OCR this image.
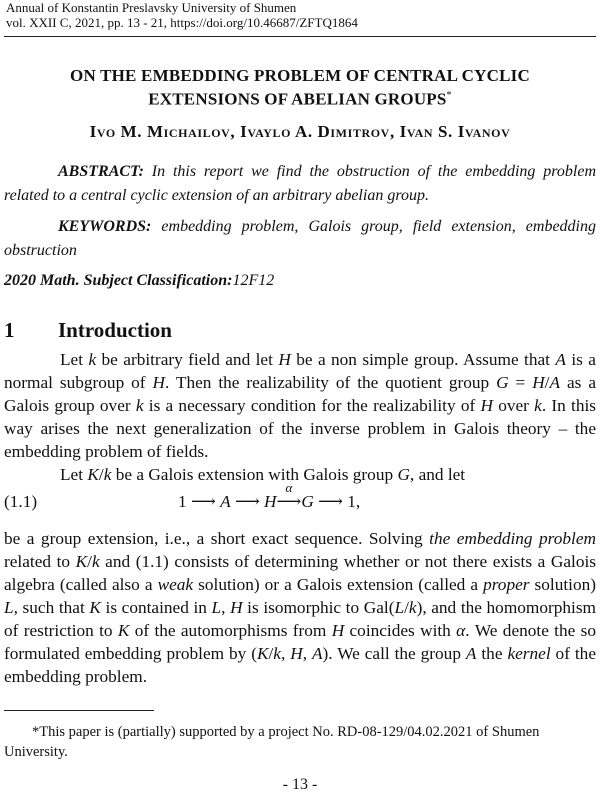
Annual of Konstantin Preslavsky University of Shumen
vol. XXII C, 2021, pp. 13 - 21, https://doi.org/10.46687/ZFTQ1864
ON THE EMBEDDING PROBLEM OF CENTRAL CYCLIC
EXTENSIONS OF ABELIAN GROUPS*
Ivo M. Michailov, Ivaylo A. Dimitrov, Ivan S. Ivanov
ABSTRACT: In this report we find the obstruction of the embedding problem related to a central cyclic extension of an arbitrary abelian group.
KEYWORDS: embedding problem, Galois group, field extension, embedding obstruction
2020 Math. Subject Classification:12F12
1 Introduction
Let k be arbitrary field and let H be a non simple group. Assume that A is a normal subgroup of H. Then the realizability of the quotient group G = H/A as a Galois group over k is a necessary condition for the realizability of H over k. In this way arises the next generalization of the inverse problem in Galois theory – the embedding problem of fields.
Let K/k be a Galois extension with Galois group G, and let
(1.1)	1 ⟶ A ⟶ H⟶
α
G ⟶ 1,
be a group extension, i.e., a short exact sequence. Solving the embedding problem related to K/k and (1.1) consists of determining whether or not there exists a Galois algebra (called also a weak solution) or a Galois extension (called a proper solution) L, such that K is contained in L, H is isomorphic to Gal(L/k), and the homomorphism of restriction to K of the automorphisms from H coincides with α. We denote the so formulated embedding problem by (K/k, H, A). We call the group A the kernel of the embedding problem.
*This paper is (partially) supported by a project No. RD-08-129/04.02.2021 of Shumen University.
- 13 -
